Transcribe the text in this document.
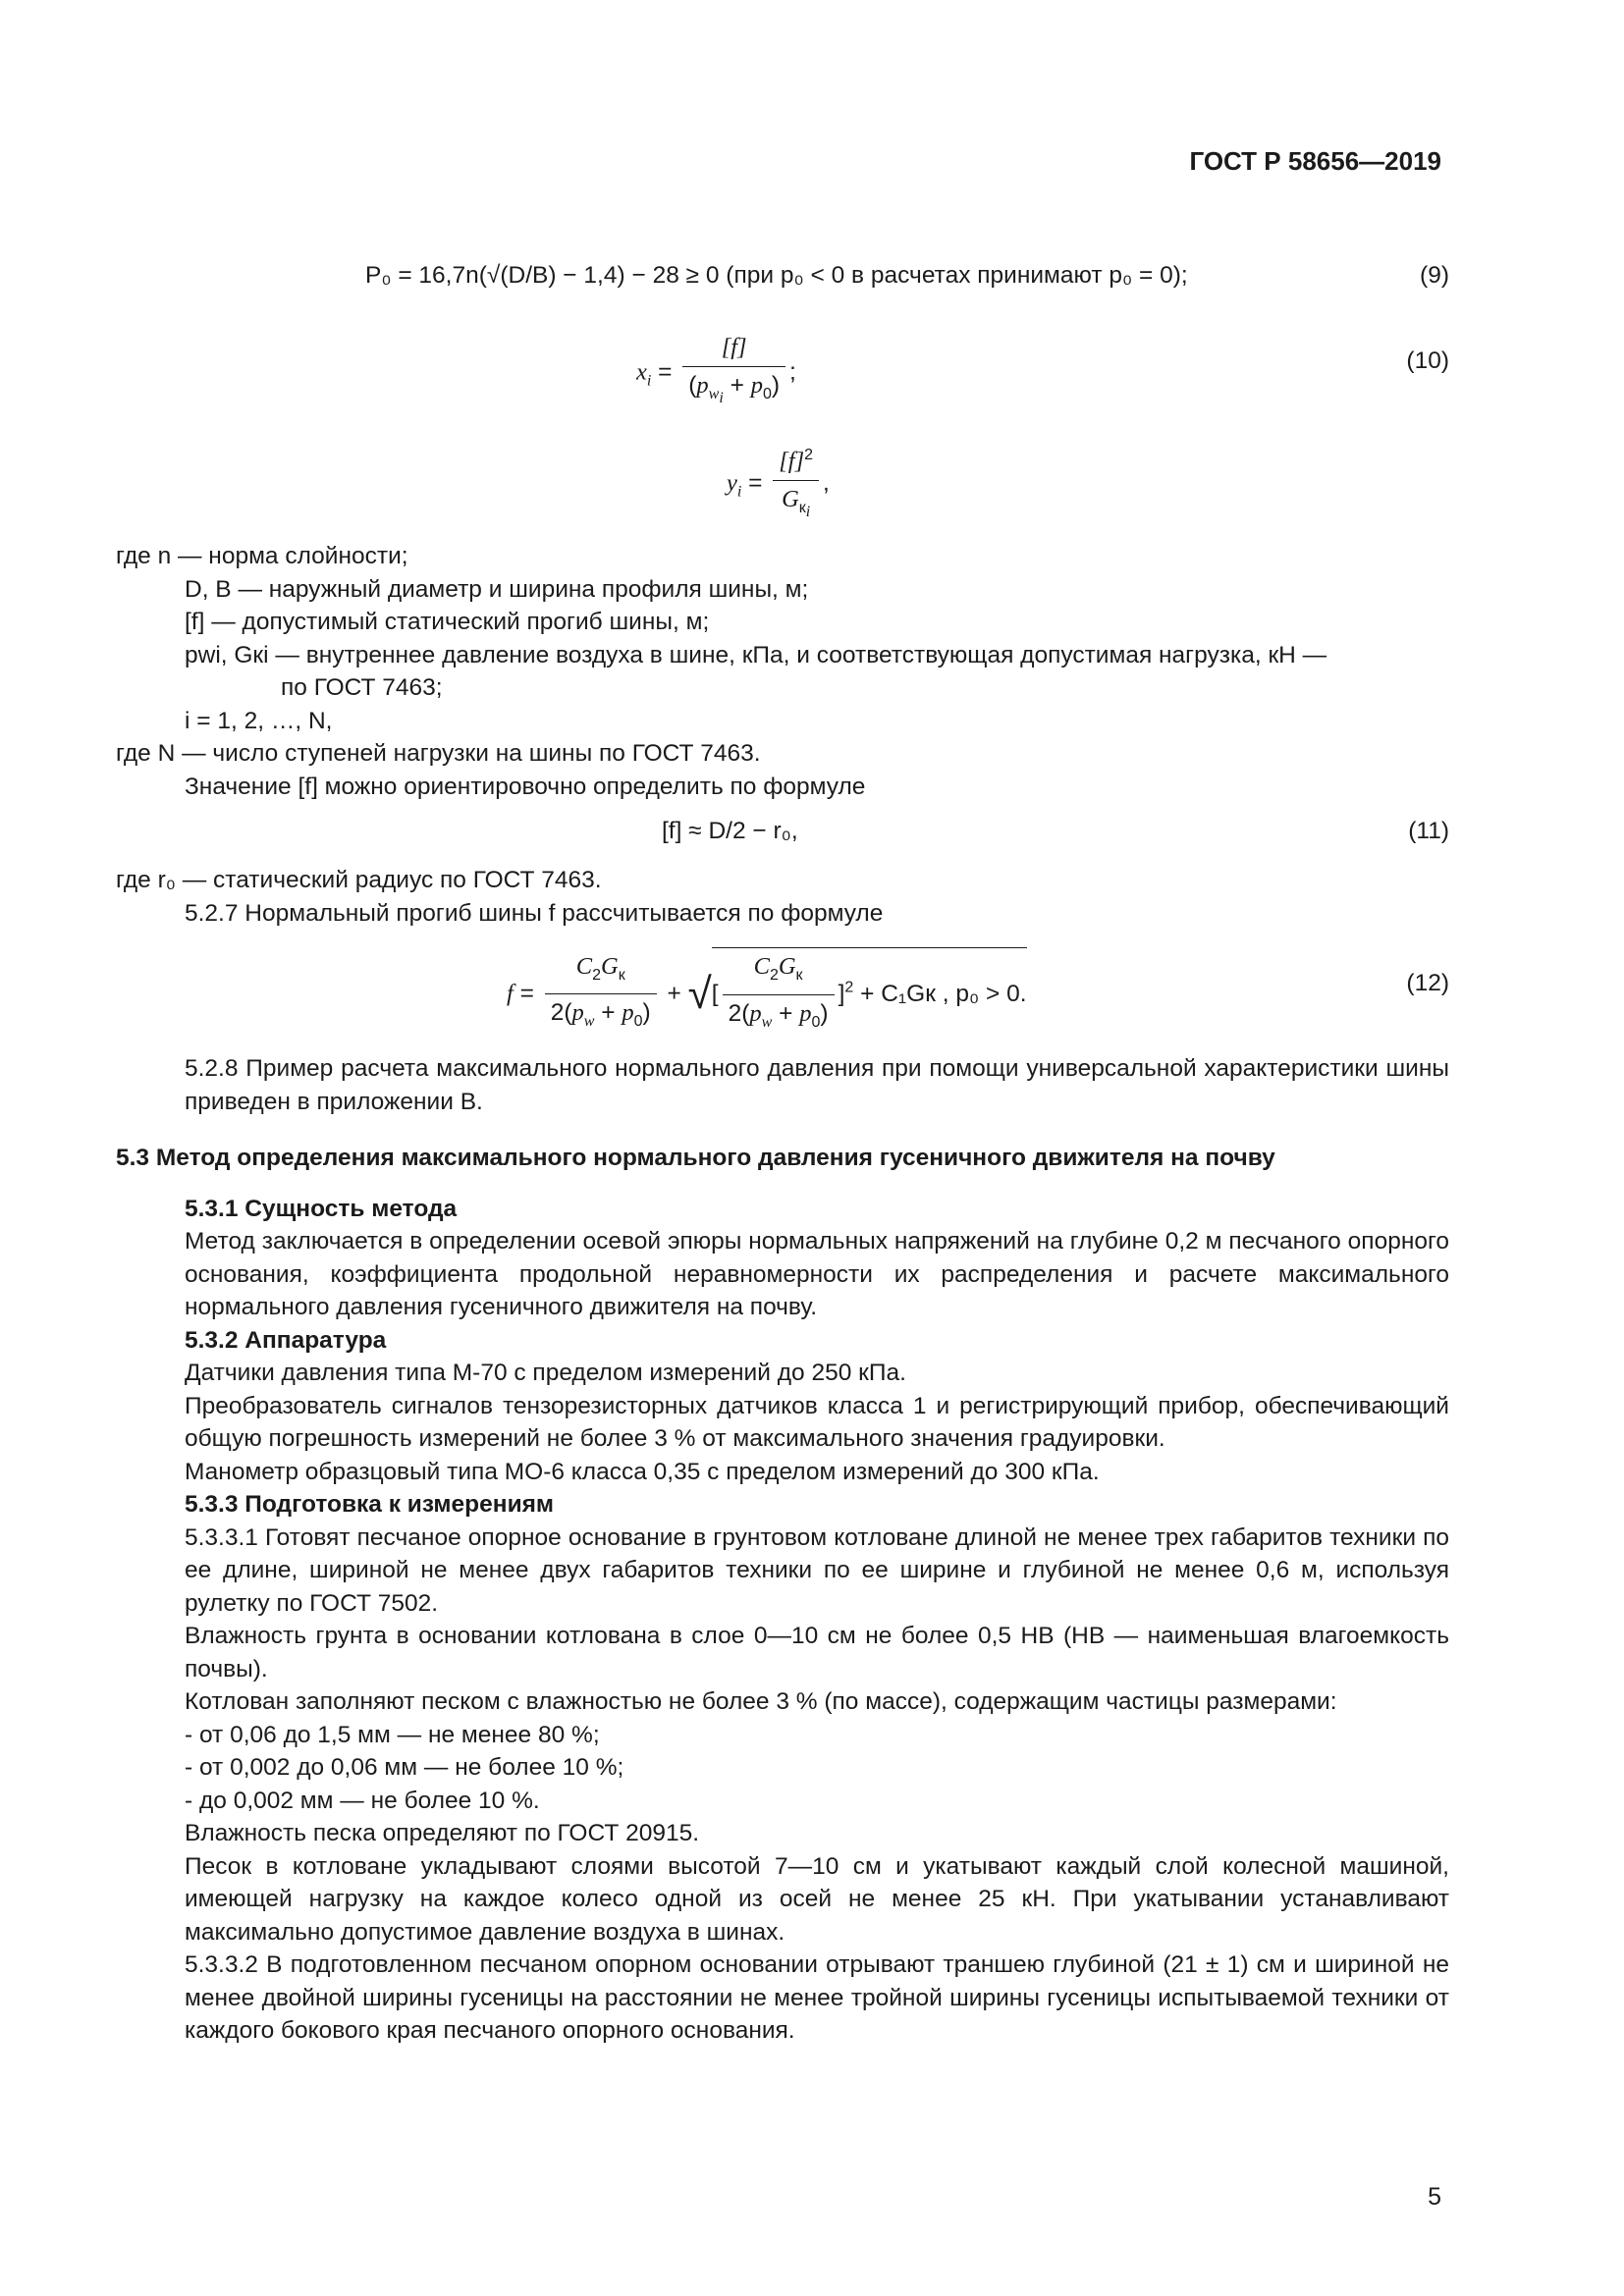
ГОСТ Р 58656—2019
P₀ = 16,7n(√(D/B) − 1,4) − 28 ≥ 0 (при p₀ < 0 в расчетах принимают p₀ = 0);	(9)
$x_i = \frac{[f]}{(p_{w_i} + p_0)}$ ;	(10)
$y_i = \frac{[f]^2}{G_{к_i}}$ ,

где n — норма слойности;

D, B — наружный диаметр и ширина профиля шины, м;

[f] — допустимый статический прогиб шины, м;

pwi, Gкi — внутреннее давление воздуха в шине, кПа, и соответствующая допустимая нагрузка, кН —

по ГОСТ 7463;

i = 1, 2, …, N,

где N — число ступеней нагрузки на шины по ГОСТ 7463.

Значение [f] можно ориентировочно определить по формуле

[f] ≈ D/2 − r₀,	(11)

где r₀ — статический радиус по ГОСТ 7463.

5.2.7 Нормальный прогиб шины f рассчитывается по формуле

$f = \frac{C_2G_к}{2(p_w + p_0)}$ + √[ $\frac{C_2G_к}{2(p_w + p_0)} ]^2 + C_1Gк$ , p₀ > 0.	(12)

5.2.8 Пример расчета максимального нормального давления при помощи универсальной характеристики шины приведен в приложении В.

5.3 Метод определения максимального нормального давления гусеничного движителя на почву

5.3.1 Сущность метода

Метод заключается в определении осевой эпюры нормальных напряжений на глубине 0,2 м песчаного опорного основания, коэффициента продольной неравномерности их распределения и расчете максимального нормального давления гусеничного движителя на почву.

5.3.2 Аппаратура

Датчики давления типа М-70 с пределом измерений до 250 кПа.

Преобразователь сигналов тензорезисторных датчиков класса 1 и регистрирующий прибор, обеспечивающий общую погрешность измерений не более 3 % от максимального значения градуировки.

Манометр образцовый типа МО-6 класса 0,35 с пределом измерений до 300 кПа.

5.3.3 Подготовка к измерениям

5.3.3.1 Готовят песчаное опорное основание в грунтовом котловане длиной не менее трех габаритов техники по ее длине, шириной не менее двух габаритов техники по ее ширине и глубиной не менее 0,6 м, используя рулетку по ГОСТ 7502.

Влажность грунта в основании котлована в слое 0—10 см не более 0,5 НВ (НВ — наименьшая влагоемкость почвы).

Котлован заполняют песком с влажностью не более 3 % (по массе), содержащим частицы размерами:

- от 0,06 до 1,5 мм — не менее 80 %;

- от 0,002 до 0,06 мм — не более 10 %;

- до 0,002 мм — не более 10 %.

Влажность песка определяют по ГОСТ 20915.

Песок в котловане укладывают слоями высотой 7—10 см и укатывают каждый слой колесной машиной, имеющей нагрузку на каждое колесо одной из осей не менее 25 кН. При укатывании устанавливают максимально допустимое давление воздуха в шинах.

5.3.3.2 В подготовленном песчаном опорном основании отрывают траншею глубиной (21 ± 1) см и шириной не менее двойной ширины гусеницы на расстоянии не менее тройной ширины гусеницы испытываемой техники от каждого бокового края песчаного опорного основания.

5
